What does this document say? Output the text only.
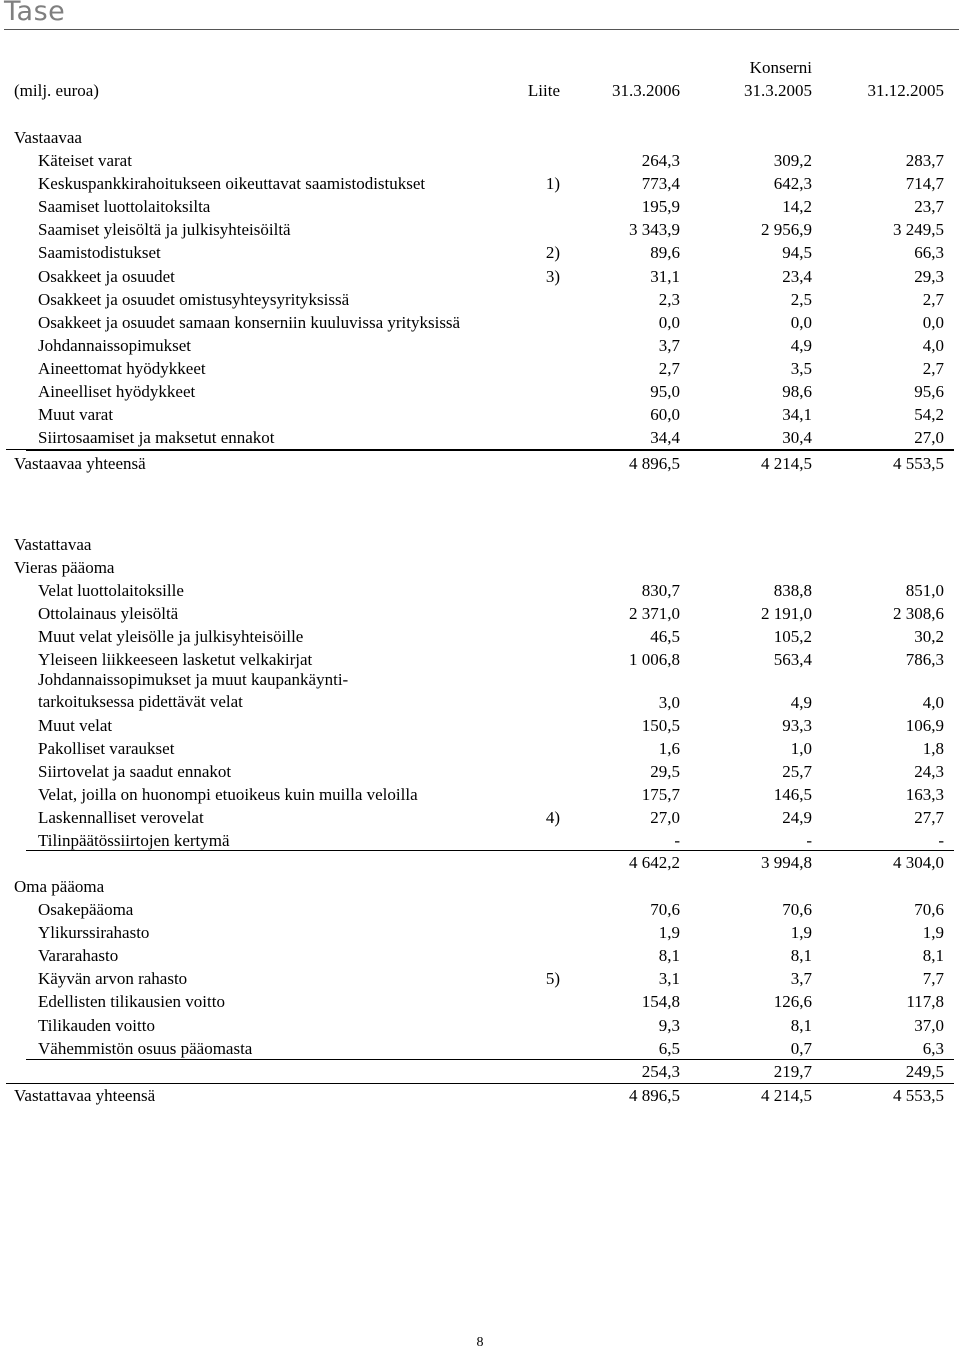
Tase
Konserni
(milj. euroa)	Liite	31.3.2006	31.3.2005	31.12.2005
Vastaavaa
Käteiset varat	264,3	309,2	283,7
Keskuspankkirahoitukseen oikeuttavat saamistodistukset	1)	773,4	642,3	714,7
Saamiset luottolaitoksilta	195,9	14,2	23,7
Saamiset yleisöltä ja julkisyhteisöiltä	3 343,9	2 956,9	3 249,5
Saamistodistukset	2)	89,6	94,5	66,3
Osakkeet ja osuudet	3)	31,1	23,4	29,3
Osakkeet ja osuudet omistusyhteysyrityksissä	2,3	2,5	2,7
Osakkeet ja osuudet samaan konserniin kuuluvissa yrityksissä	0,0	0,0	0,0
Johdannaissopimukset	3,7	4,9	4,0
Aineettomat hyödykkeet	2,7	3,5	2,7
Aineelliset hyödykkeet	95,0	98,6	95,6
Muut varat	60,0	34,1	54,2
Siirtosaamiset ja maksetut ennakot	34,4	30,4	27,0
Vastaavaa yhteensä	4 896,5	4 214,5	4 553,5
Vastattavaa
Vieras pääoma
Velat luottolaitoksille	830,7	838,8	851,0
Ottolainaus yleisöltä	2 371,0	2 191,0	2 308,6
Muut velat yleisölle ja julkisyhteisöille	46,5	105,2	30,2
Yleiseen liikkeeseen lasketut velkakirjat	1 006,8	563,4	786,3
Johdannaissopimukset ja muut kaupankäynti-
tarkoituksessa pidettävät velat	3,0	4,9	4,0
Muut velat	150,5	93,3	106,9
Pakolliset varaukset	1,6	1,0	1,8
Siirtovelat ja saadut ennakot	29,5	25,7	24,3
Velat, joilla on huonompi etuoikeus kuin muilla veloilla	175,7	146,5	163,3
Laskennalliset verovelat	4)	27,0	24,9	27,7
Tilinpäätössiirtojen kertymä	-	-	-
4 642,2	3 994,8	4 304,0
Oma pääoma
Osakepääoma	70,6	70,6	70,6
Ylikurssirahasto	1,9	1,9	1,9
Vararahasto	8,1	8,1	8,1
Käyvän arvon rahasto	5)	3,1	3,7	7,7
Edellisten tilikausien voitto	154,8	126,6	117,8
Tilikauden voitto	9,3	8,1	37,0
Vähemmistön osuus pääomasta	6,5	0,7	6,3
254,3	219,7	249,5
Vastattavaa yhteensä	4 896,5	4 214,5	4 553,5
8
